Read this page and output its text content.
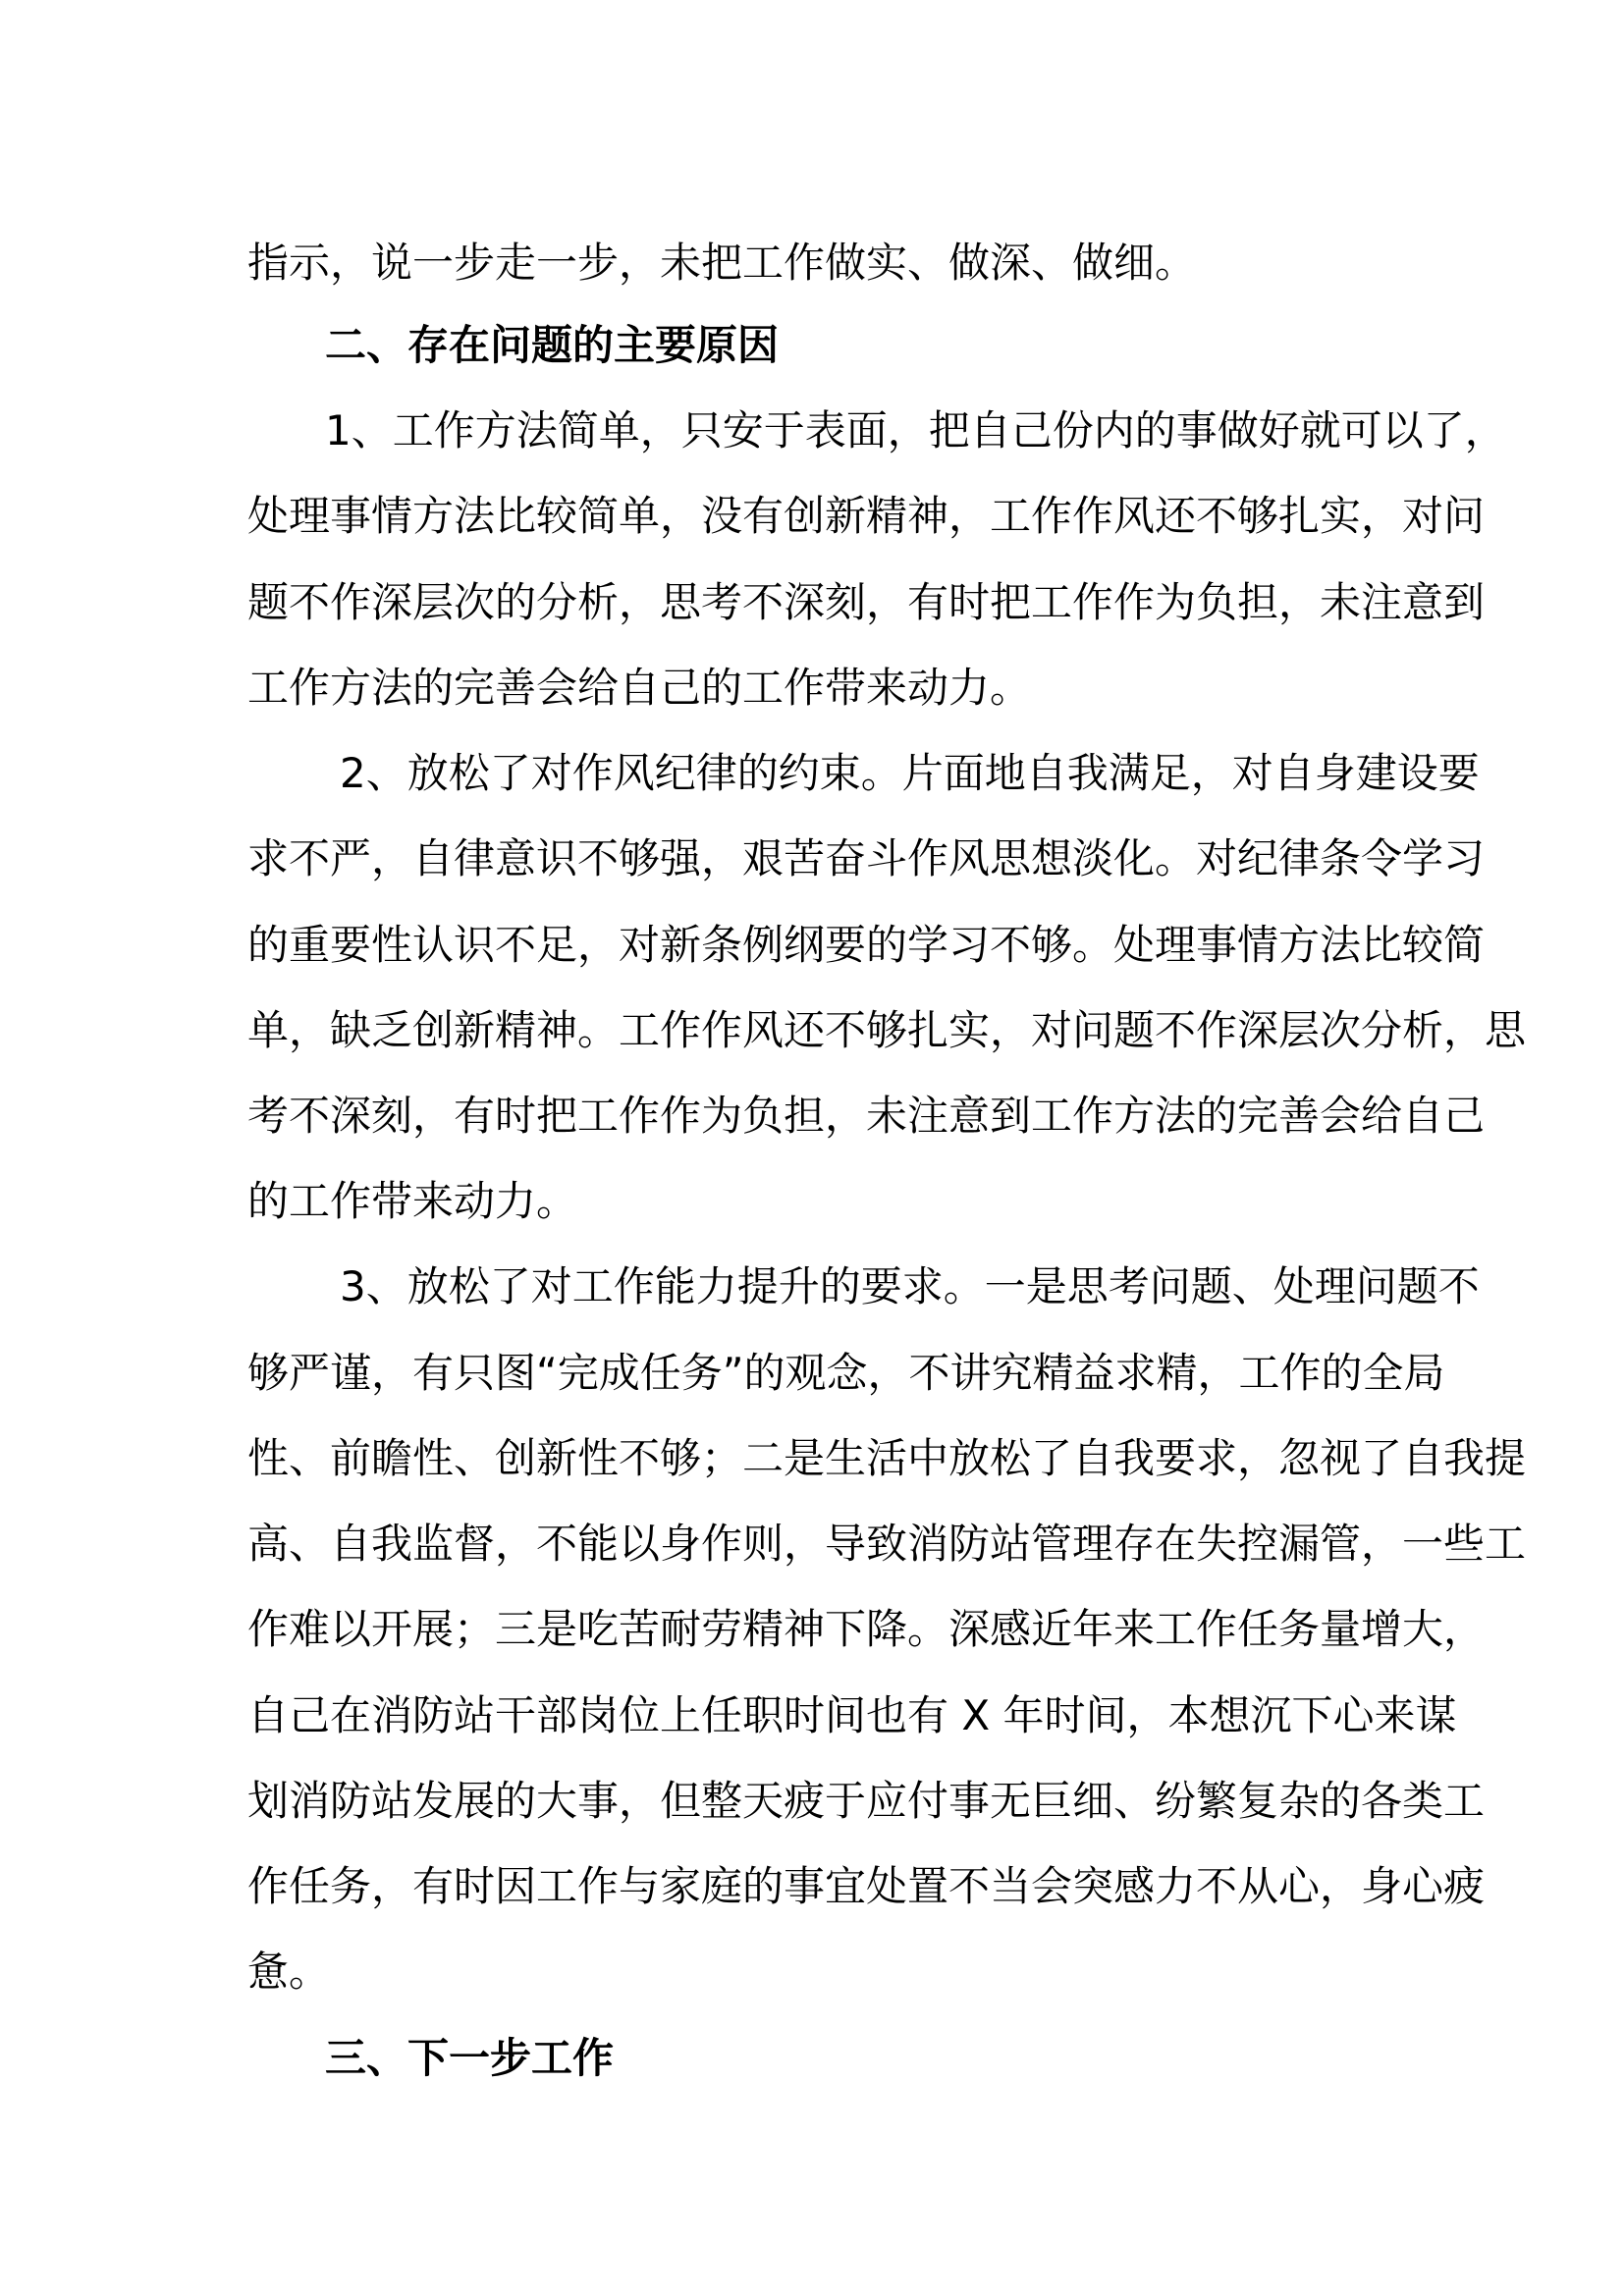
指示，说一步走一步，未把工作做实、做深、做细。
二、存在问题的主要原因
1、工作方法简单，只安于表面，把自己份内的事做好就可以了，
处理事情方法比较简单，没有创新精神，工作作风还不够扎实，对问
题不作深层次的分析，思考不深刻，有时把工作作为负担，未注意到
工作方法的完善会给自己的工作带来动力。
2、放松了对作风纪律的约束。片面地自我满足，对自身建设要
求不严，自律意识不够强，艰苦奋斗作风思想淡化。对纪律条令学习
的重要性认识不足，对新条例纲要的学习不够。处理事情方法比较简
单，缺乏创新精神。工作作风还不够扎实，对问题不作深层次分析，思
考不深刻，有时把工作作为负担，未注意到工作方法的完善会给自己
的工作带来动力。
3、放松了对工作能力提升的要求。一是思考问题、处理问题不
够严谨，有只图“完成任务”的观念，不讲究精益求精，工作的全局
性、前瞻性、创新性不够；二是生活中放松了自我要求，忽视了自我提
高、自我监督，不能以身作则，导致消防站管理存在失控漏管，一些工
作难以开展；三是吃苦耐劳精神下降。深感近年来工作任务量增大，
自己在消防站干部岗位上任职时间也有 X 年时间，本想沉下心来谋
划消防站发展的大事，但整天疲于应付事无巨细、纷繁复杂的各类工
作任务，有时因工作与家庭的事宜处置不当会突感力不从心，身心疲
惫。
三、下一步工作
